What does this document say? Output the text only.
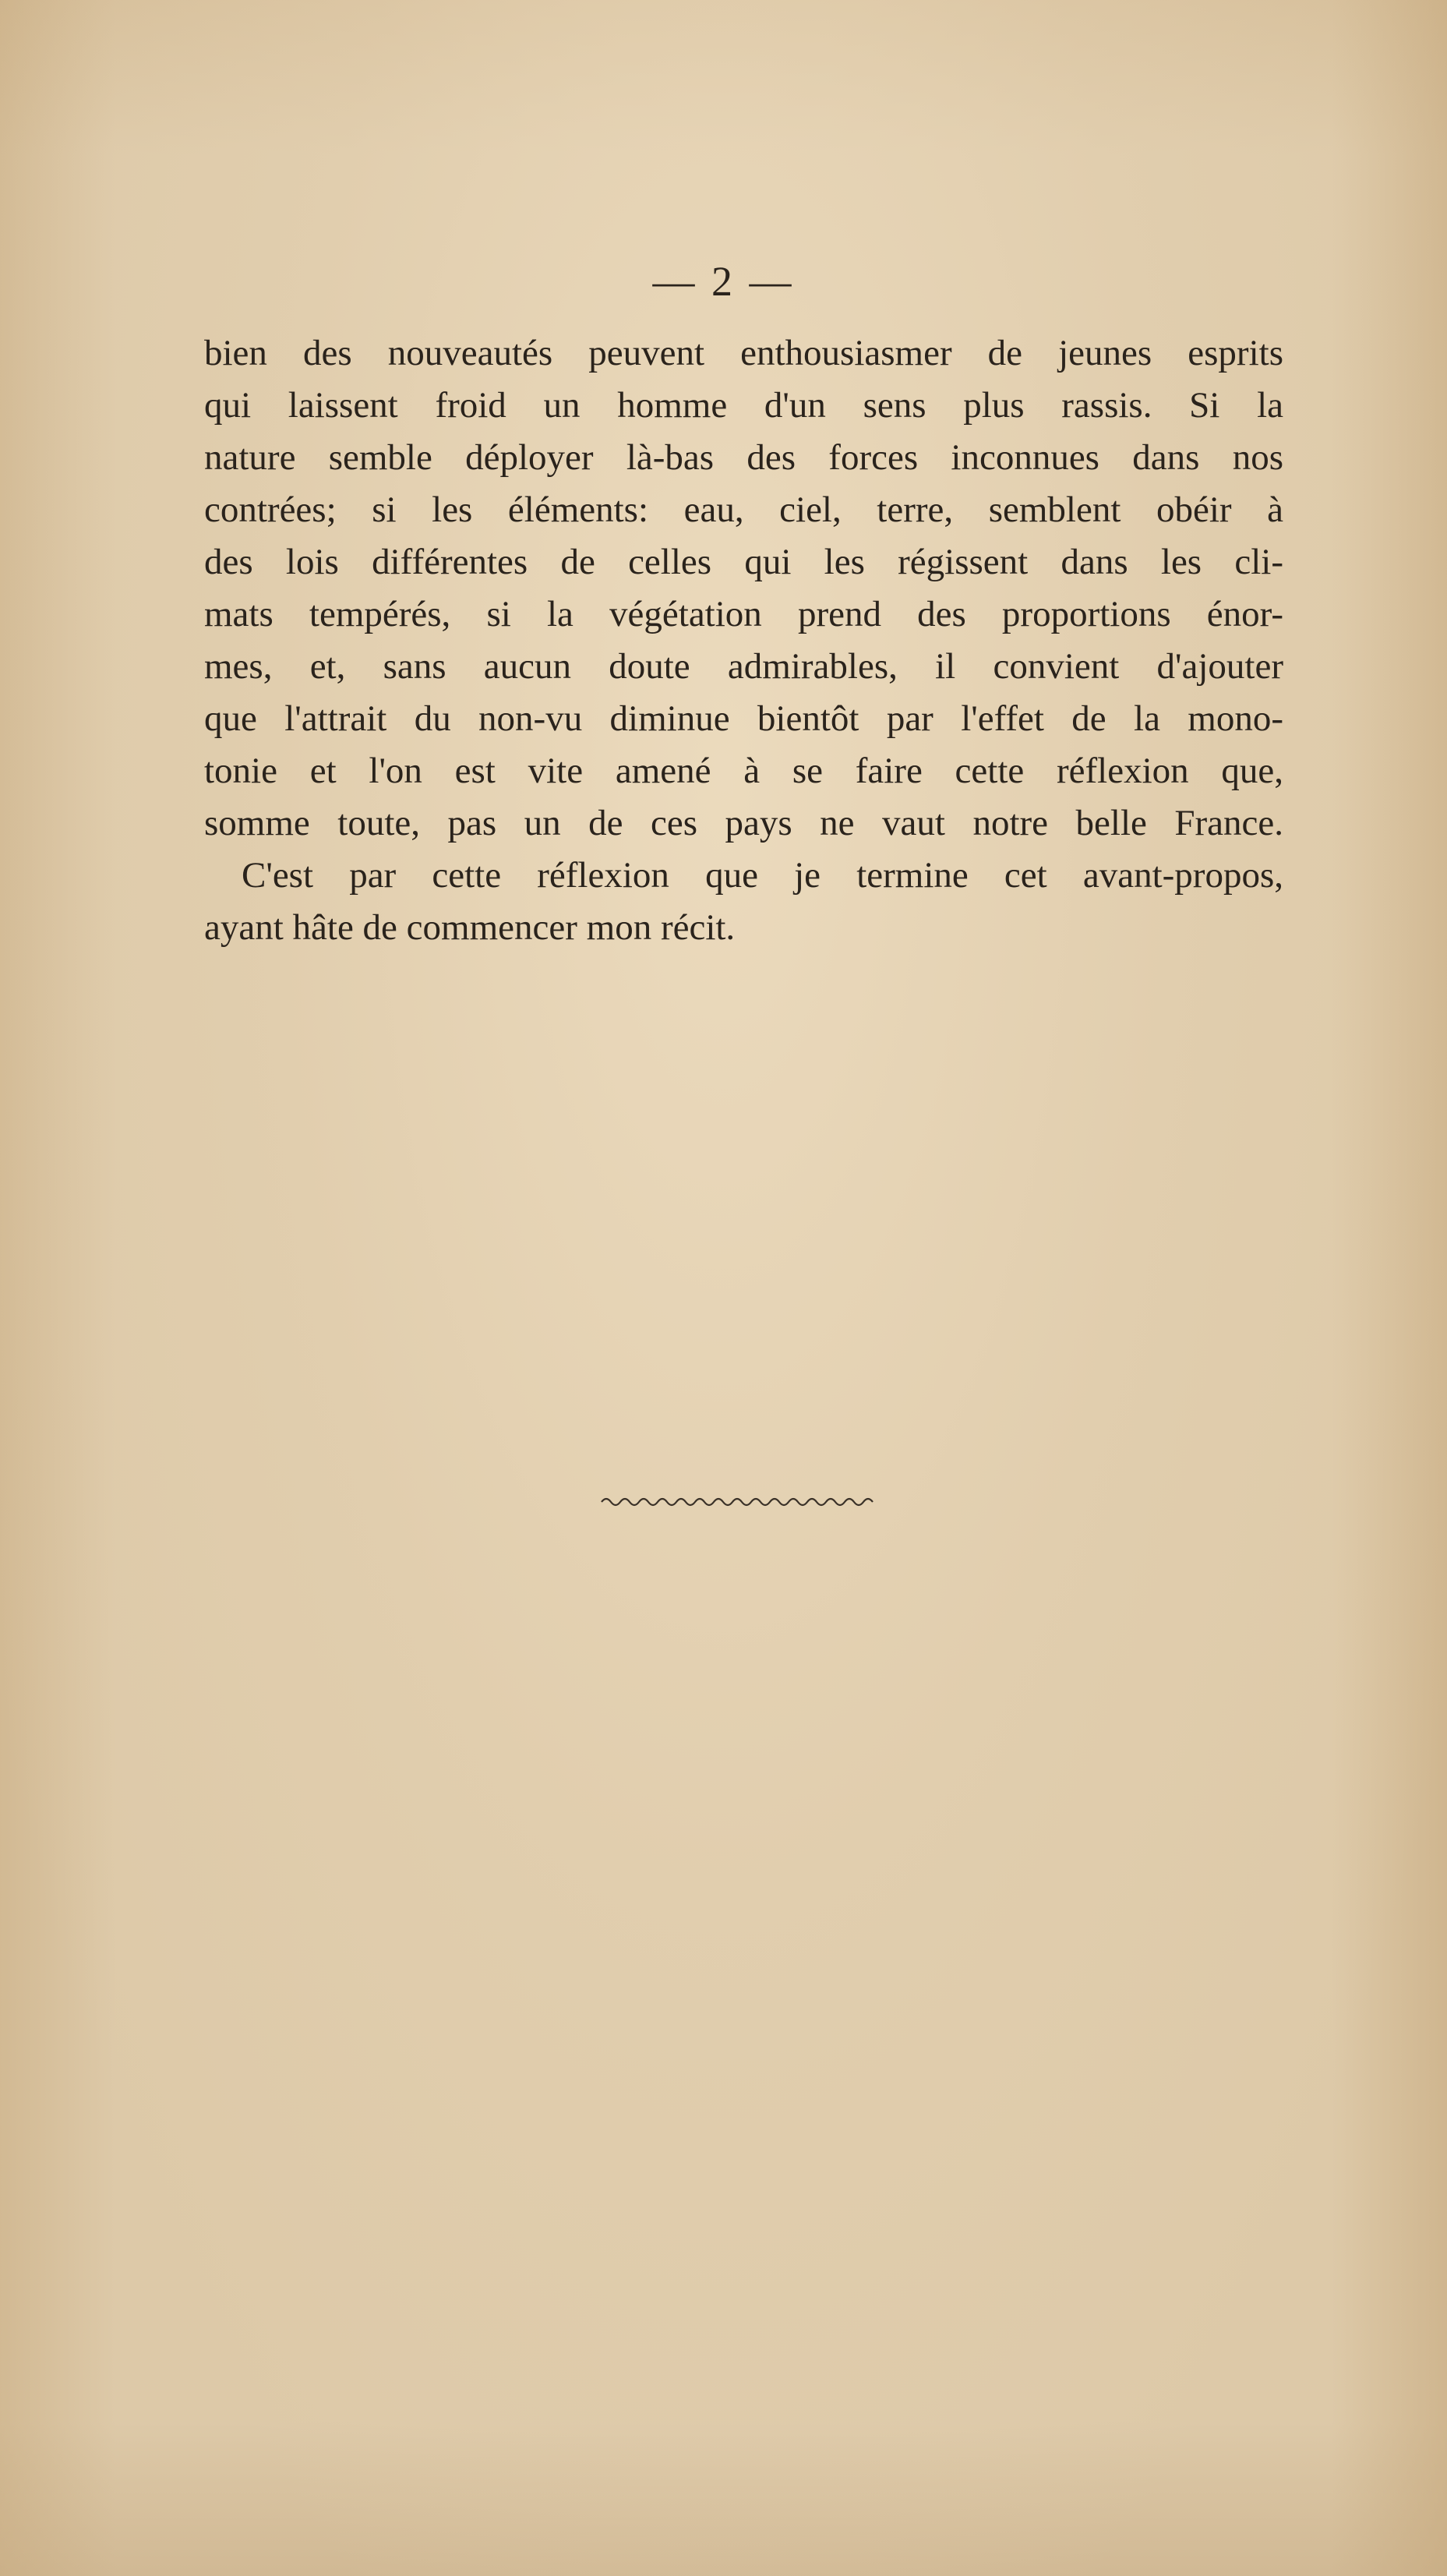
— 2 —
bien des nouveautés peuvent enthousiasmer de jeunes esprits
qui laissent froid un homme d'un sens plus rassis. Si la
nature semble déployer là-bas des forces inconnues dans nos
contrées; si les éléments: eau, ciel, terre, semblent obéir à
des lois différentes de celles qui les régissent dans les cli-
mats tempérés, si la végétation prend des proportions énor-
mes, et, sans aucun doute admirables, il convient d'ajouter
que l'attrait du non-vu diminue bientôt par l'effet de la mono-
tonie et l'on est vite amené à se faire cette réflexion que,
somme toute, pas un de ces pays ne vaut notre belle France.
C'est par cette réflexion que je termine cet avant-propos,
ayant hâte de commencer mon récit.
